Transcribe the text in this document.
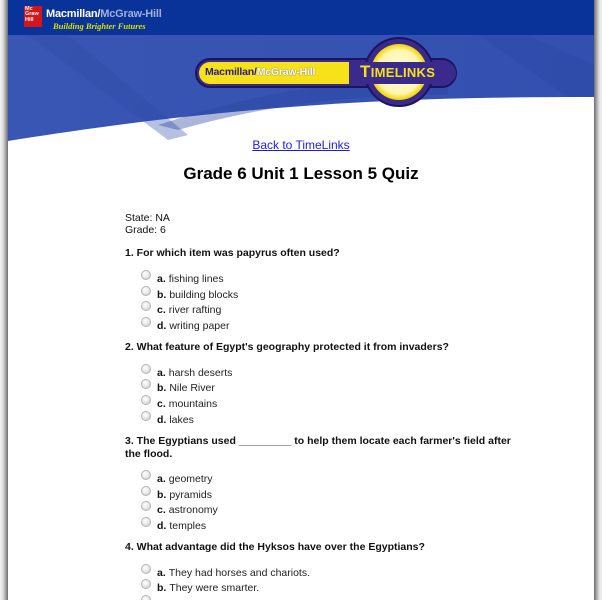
Mc
Graw
Hill	Macmillan/McGraw-Hill
Building Brighter Futures
Macmillan/McGraw-Hill	TIMELINKS
Back to TimeLinks
Grade 6 Unit 1 Lesson 5 Quiz
State: NA
Grade: 6
1. For which item was papyrus often used?
a. fishing lines
b. building blocks
c. river rafting
d. writing paper
2. What feature of Egypt's geography protected it from invaders?
a. harsh deserts
b. Nile River
c. mountains
d. lakes
3. The Egyptians used _________ to help them locate each farmer's field after the flood.
a. geometry
b. pyramids
c. astronomy
d. temples
4. What advantage did the Hyksos have over the Egyptians?
a. They had horses and chariots.
b. They were smarter.
